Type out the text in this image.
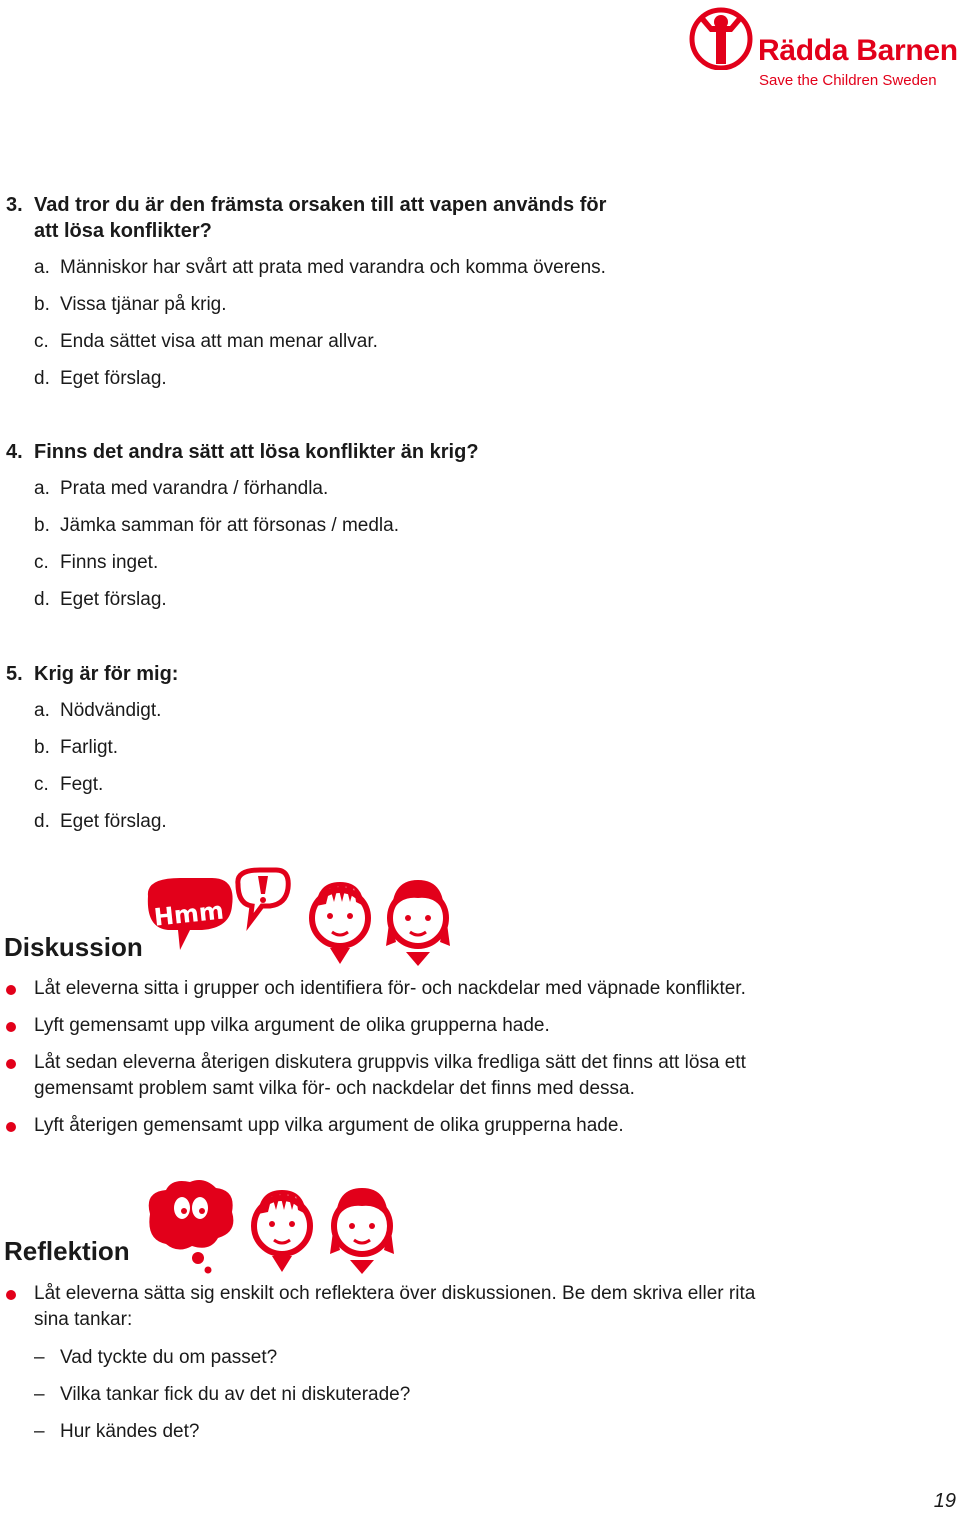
Rädda Barnen
Save the Children Sweden
3. Vad tror du är den främsta orsaken till att vapen används för
att lösa konflikter?
a. Människor har svårt att prata med varandra och komma överens.
b. Vissa tjänar på krig.
c. Enda sättet visa att man menar allvar.
d. Eget förslag.
4. Finns det andra sätt att lösa konflikter än krig?
a. Prata med varandra / förhandla.
b. Jämka samman för att försonas / medla.
c. Finns inget.
d. Eget förslag.
5. Krig är för mig:
a. Nödvändigt.
b. Farligt.
c. Fegt.
d. Eget förslag.
Diskussion
Hmm
Låt eleverna sitta i grupper och identifiera för- och nackdelar med väpnade konflikter.
Lyft gemensamt upp vilka argument de olika grupperna hade.
Låt sedan eleverna återigen diskutera gruppvis vilka fredliga sätt det finns att lösa ett gemensamt problem samt vilka för- och nackdelar det finns med dessa.
Lyft återigen gemensamt upp vilka argument de olika grupperna hade.
Reflektion
Låt eleverna sätta sig enskilt och reflektera över diskussionen. Be dem skriva eller rita sina tankar:
– Vad tyckte du om passet?
– Vilka tankar fick du av det ni diskuterade?
– Hur kändes det?
19
